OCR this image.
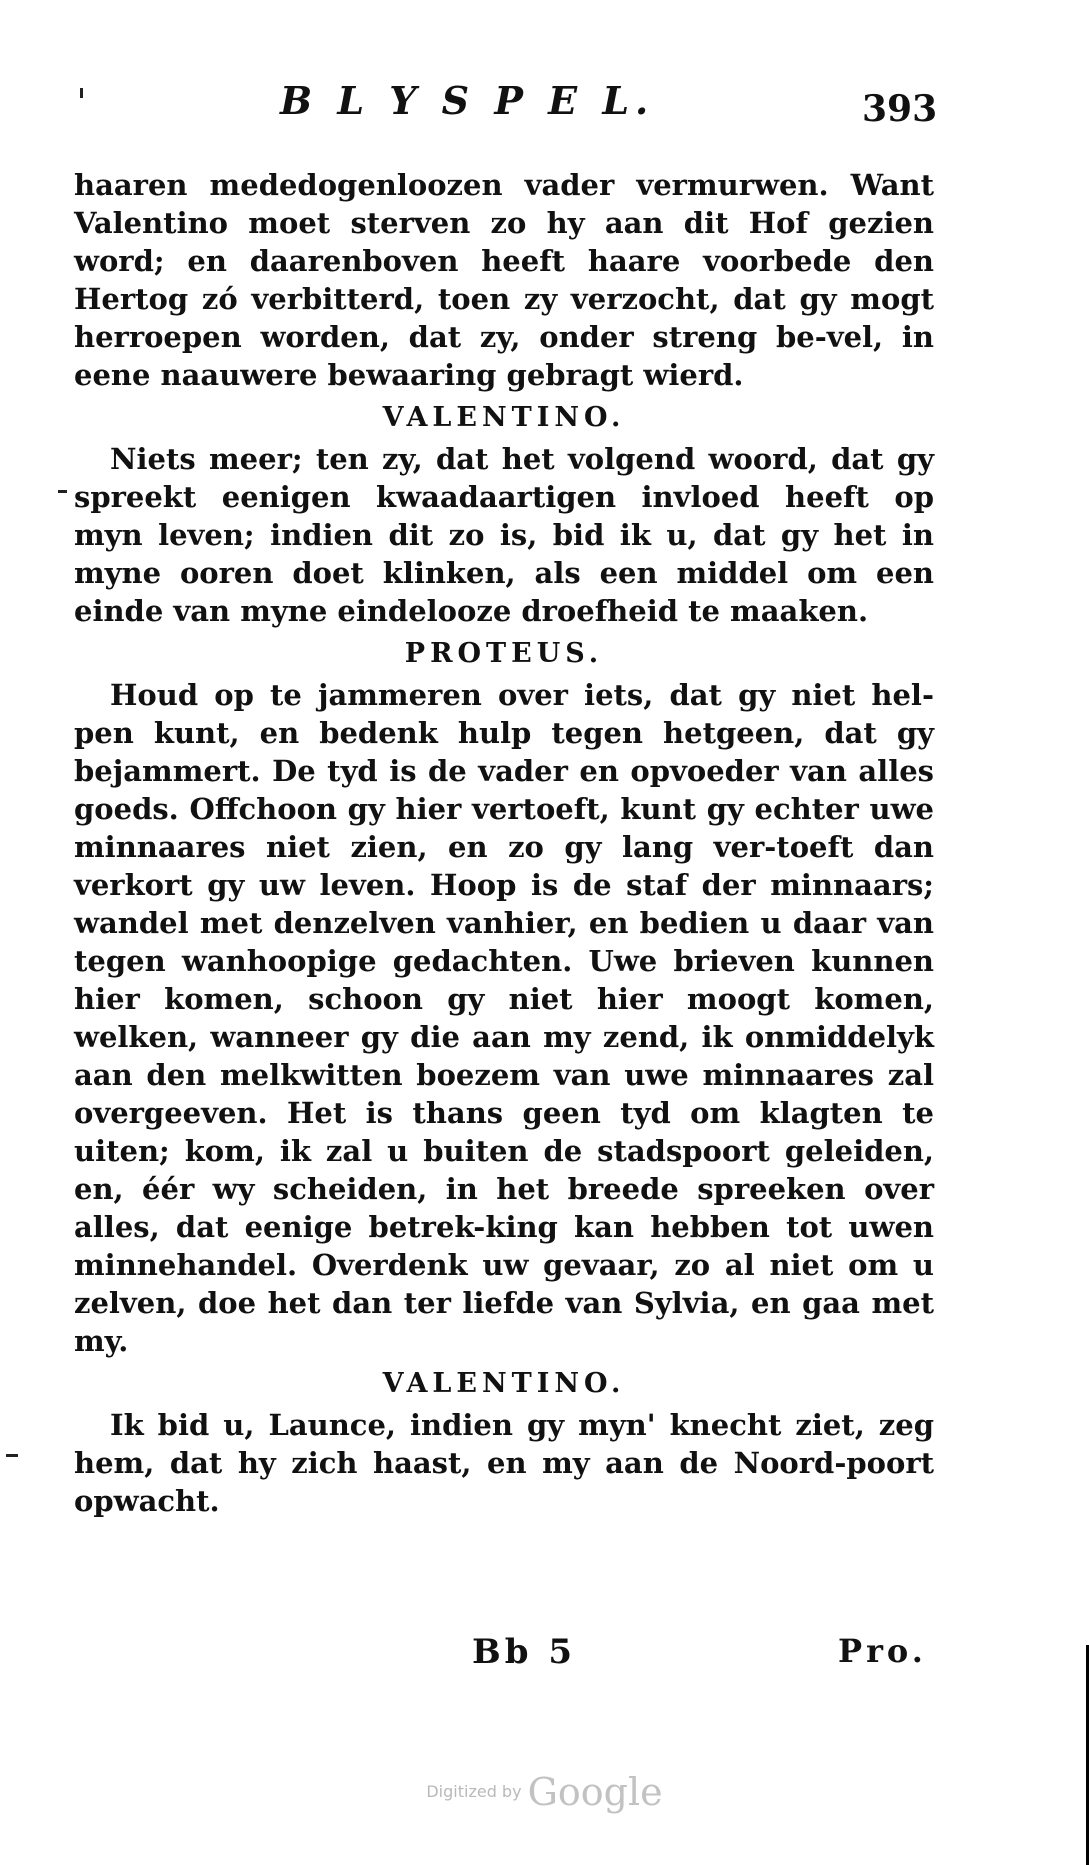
B L Y S P E L.	393

haaren mededogenloozen vader vermurwen. Want Valentino moet sterven zo hy aan dit Hof gezien word; en daarenboven heeft haare voorbede den Hertog zó verbitterd, toen zy verzocht, dat gy mogt herroepen worden, dat zy, onder streng be-vel, in eene naauwere bewaaring gebragt wierd.

VALENTINO.

Niets meer; ten zy, dat het volgend woord, dat gy spreekt eenigen kwaadaartigen invloed heeft op myn leven; indien dit zo is, bid ik u, dat gy het in myne ooren doet klinken, als een middel om een einde van myne eindelooze droefheid te maaken.

PROTEUS.

Houd op te jammeren over iets, dat gy niet hel-pen kunt, en bedenk hulp tegen hetgeen, dat gy bejammert. De tyd is de vader en opvoeder van alles goeds. Offchoon gy hier vertoeft, kunt gy echter uwe minnaares niet zien, en zo gy lang ver-toeft dan verkort gy uw leven. Hoop is de staf der minnaars; wandel met denzelven vanhier, en bedien u daar van tegen wanhoopige gedachten. Uwe brieven kunnen hier komen, schoon gy niet hier moogt komen, welken, wanneer gy die aan my zend, ik onmiddelyk aan den melkwitten boezem van uwe minnaares zal overgeeven. Het is thans geen tyd om klagten te uiten; kom, ik zal u buiten de stadspoort geleiden, en, éér wy scheiden, in het breede spreeken over alles, dat eenige betrek-king kan hebben tot uwen minnehandel. Overdenk uw gevaar, zo al niet om u zelven, doe het dan ter liefde van Sylvia, en gaa met my.

VALENTINO.

Ik bid u, Launce, indien gy myn' knecht ziet, zeg hem, dat hy zich haast, en my aan de Noord-poort opwacht.

Bb 5	Pro.
Digitized by Google
